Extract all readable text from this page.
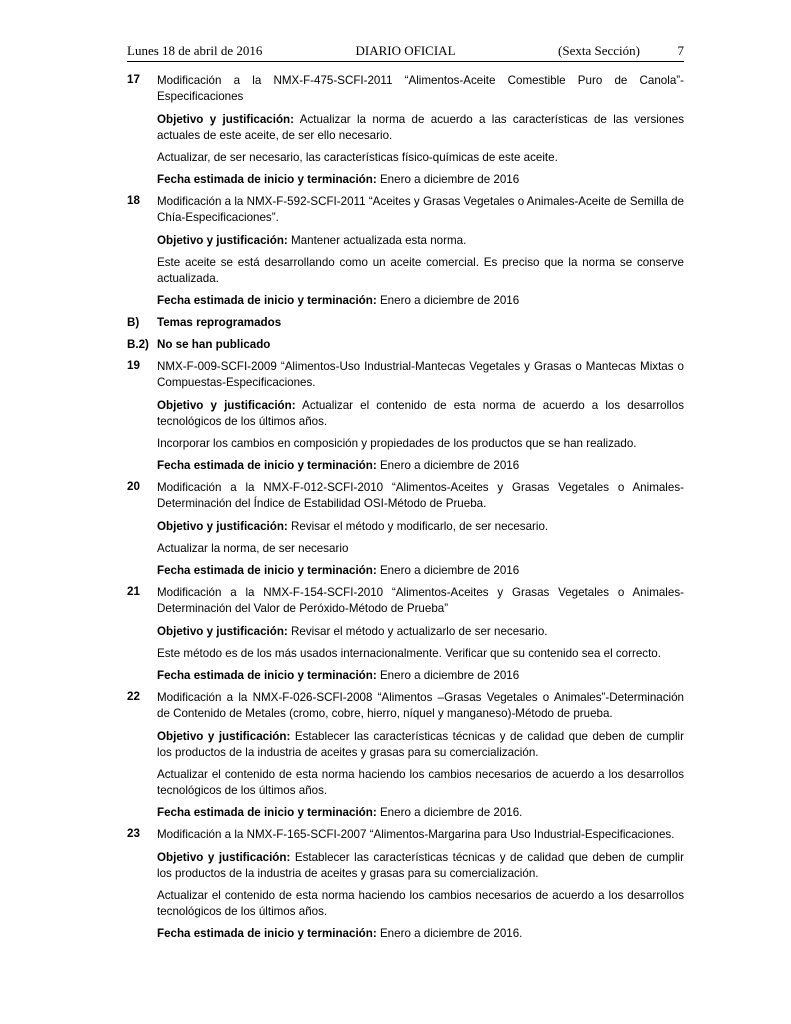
Lunes 18 de abril de 2016	DIARIO OFICIAL	(Sexta Sección)	7
17 Modificación a la NMX-F-475-SCFI-2011 “Alimentos-Aceite Comestible Puro de Canola”-Especificaciones

Objetivo y justificación: Actualizar la norma de acuerdo a las características de las versiones actuales de este aceite, de ser ello necesario.

Actualizar, de ser necesario, las características físico-químicas de este aceite.

Fecha estimada de inicio y terminación: Enero a diciembre de 2016

18 Modificación a la NMX-F-592-SCFI-2011 “Aceites y Grasas Vegetales o Animales-Aceite de Semilla de Chía-Especificaciones”.

Objetivo y justificación: Mantener actualizada esta norma.

Este aceite se está desarrollando como un aceite comercial. Es preciso que la norma se conserve actualizada.

Fecha estimada de inicio y terminación: Enero a diciembre de 2016

B) Temas reprogramados
B.2) No se han publicado
19 NMX-F-009-SCFI-2009 “Alimentos-Uso Industrial-Mantecas Vegetales y Grasas o Mantecas Mixtas o Compuestas-Especificaciones.

Objetivo y justificación: Actualizar el contenido de esta norma de acuerdo a los desarrollos tecnológicos de los últimos años.

Incorporar los cambios en composición y propiedades de los productos que se han realizado.

Fecha estimada de inicio y terminación: Enero a diciembre de 2016

20 Modificación a la NMX-F-012-SCFI-2010 “Alimentos-Aceites y Grasas Vegetales o Animales-Determinación del Índice de Estabilidad OSI-Método de Prueba.

Objetivo y justificación: Revisar el método y modificarlo, de ser necesario.

Actualizar la norma, de ser necesario

Fecha estimada de inicio y terminación: Enero a diciembre de 2016

21 Modificación a la NMX-F-154-SCFI-2010 “Alimentos-Aceites y Grasas Vegetales o Animales-Determinación del Valor de Peróxido-Método de Prueba”

Objetivo y justificación: Revisar el método y actualizarlo de ser necesario.

Este método es de los más usados internacionalmente. Verificar que su contenido sea el correcto.

Fecha estimada de inicio y terminación: Enero a diciembre de 2016

22 Modificación a la NMX-F-026-SCFI-2008 “Alimentos –Grasas Vegetales o Animales”-Determinación de Contenido de Metales (cromo, cobre, hierro, níquel y manganeso)-Método de prueba.

Objetivo y justificación: Establecer las características técnicas y de calidad que deben de cumplir los productos de la industria de aceites y grasas para su comercialización.

Actualizar el contenido de esta norma haciendo los cambios necesarios de acuerdo a los desarrollos tecnológicos de los últimos años.

Fecha estimada de inicio y terminación: Enero a diciembre de 2016.

23 Modificación a la NMX-F-165-SCFI-2007 “Alimentos-Margarina para Uso Industrial-Especificaciones.

Objetivo y justificación: Establecer las características técnicas y de calidad que deben de cumplir los productos de la industria de aceites y grasas para su comercialización.

Actualizar el contenido de esta norma haciendo los cambios necesarios de acuerdo a los desarrollos tecnológicos de los últimos años.

Fecha estimada de inicio y terminación: Enero a diciembre de 2016.
